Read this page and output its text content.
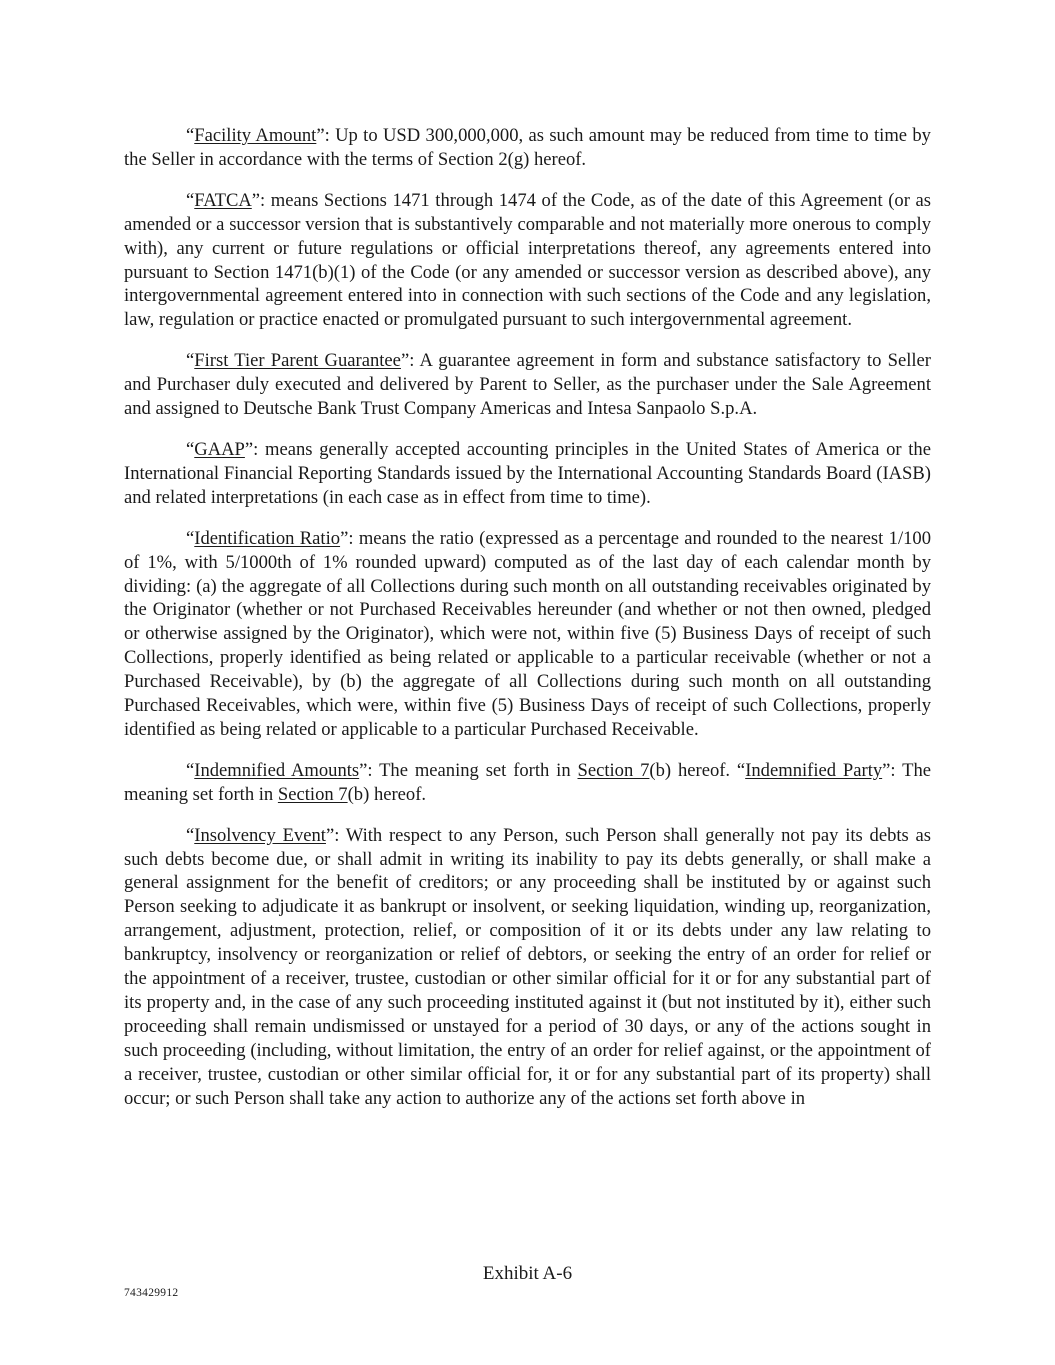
“Facility Amount”: Up to USD 300,000,000, as such amount may be reduced from time to time by the Seller in accordance with the terms of Section 2(g) hereof.

“FATCA”: means Sections 1471 through 1474 of the Code, as of the date of this Agreement (or as amended or a successor version that is substantively comparable and not materially more onerous to comply with), any current or future regulations or official interpretations thereof, any agreements entered into pursuant to Section 1471(b)(1) of the Code (or any amended or successor version as described above), any intergovernmental agreement entered into in connection with such sections of the Code and any legislation, law, regulation or practice enacted or promulgated pursuant to such intergovernmental agreement.

“First Tier Parent Guarantee”: A guarantee agreement in form and substance satisfactory to Seller and Purchaser duly executed and delivered by Parent to Seller, as the purchaser under the Sale Agreement and assigned to Deutsche Bank Trust Company Americas and Intesa Sanpaolo S.p.A.

“GAAP”: means generally accepted accounting principles in the United States of America or the International Financial Reporting Standards issued by the International Accounting Standards Board (IASB) and related interpretations (in each case as in effect from time to time).

“Identification Ratio”: means the ratio (expressed as a percentage and rounded to the nearest 1/100 of 1%, with 5/1000th of 1% rounded upward) computed as of the last day of each calendar month by dividing: (a) the aggregate of all Collections during such month on all outstanding receivables originated by the Originator (whether or not Purchased Receivables hereunder (and whether or not then owned, pledged or otherwise assigned by the Originator), which were not, within five (5) Business Days of receipt of such Collections, properly identified as being related or applicable to a particular receivable (whether or not a Purchased Receivable), by (b) the aggregate of all Collections during such month on all outstanding Purchased Receivables, which were, within five (5) Business Days of receipt of such Collections, properly identified as being related or applicable to a particular Purchased Receivable.

“Indemnified Amounts”: The meaning set forth in Section 7(b) hereof. “Indemnified Party”: The meaning set forth in Section 7(b) hereof.

“Insolvency Event”: With respect to any Person, such Person shall generally not pay its debts as such debts become due, or shall admit in writing its inability to pay its debts generally, or shall make a general assignment for the benefit of creditors; or any proceeding shall be instituted by or against such Person seeking to adjudicate it as bankrupt or insolvent, or seeking liquidation, winding up, reorganization, arrangement, adjustment, protection, relief, or composition of it or its debts under any law relating to bankruptcy, insolvency or reorganization or relief of debtors, or seeking the entry of an order for relief or the appointment of a receiver, trustee, custodian or other similar official for it or for any substantial part of its property and, in the case of any such proceeding instituted against it (but not instituted by it), either such proceeding shall remain undismissed or unstayed for a period of 30 days, or any of the actions sought in such proceeding (including, without limitation, the entry of an order for relief against, or the appointment of a receiver, trustee, custodian or other similar official for, it or for any substantial part of its property) shall occur; or such Person shall take any action to authorize any of the actions set forth above in

Exhibit A-6
743429912
